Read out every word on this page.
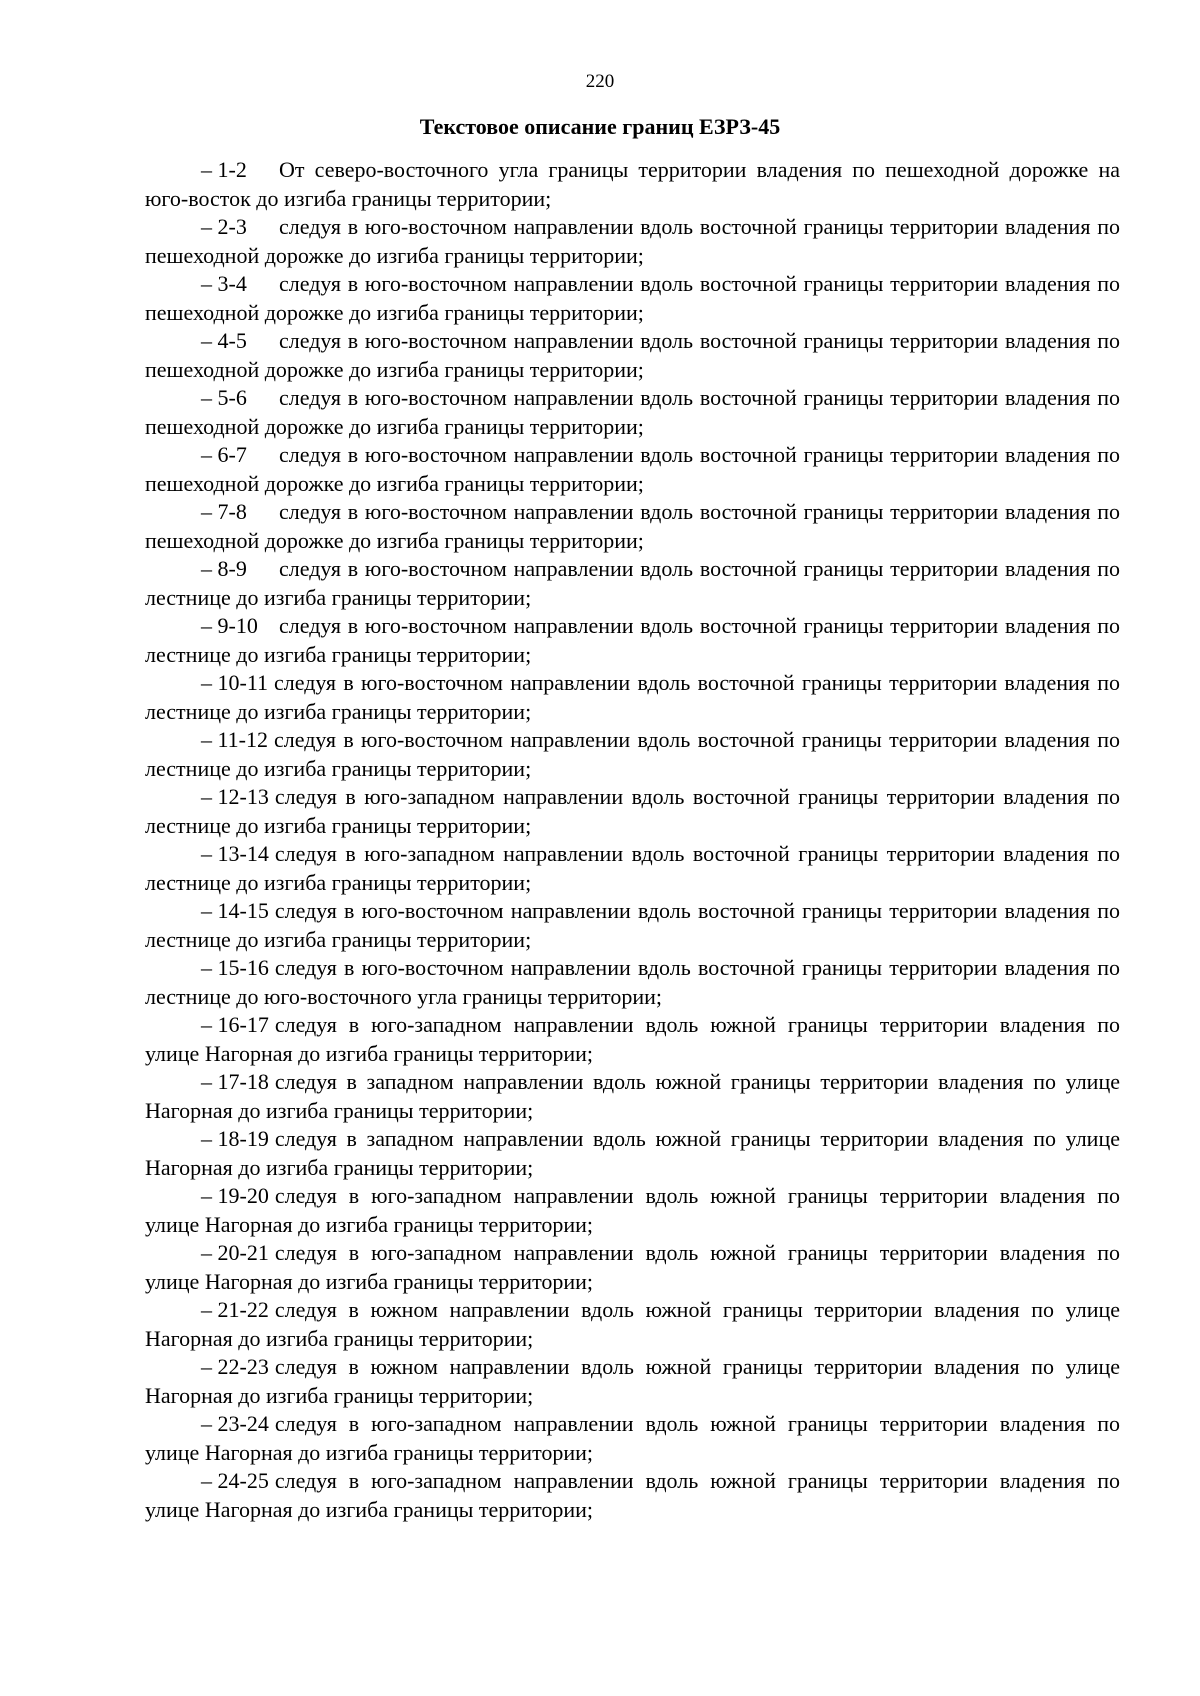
220
Текстовое описание границ ЕЗРЗ-45
– 1-2 От северо-восточного угла границы территории владения по пешеходной дорожке на юго-восток до изгиба границы территории;
– 2-3 следуя в юго-восточном направлении вдоль восточной границы территории владения по пешеходной дорожке до изгиба границы территории;
– 3-4 следуя в юго-восточном направлении вдоль восточной границы территории владения по пешеходной дорожке до изгиба границы территории;
– 4-5 следуя в юго-восточном направлении вдоль восточной границы территории владения по пешеходной дорожке до изгиба границы территории;
– 5-6 следуя в юго-восточном направлении вдоль восточной границы территории владения по пешеходной дорожке до изгиба границы территории;
– 6-7 следуя в юго-восточном направлении вдоль восточной границы территории владения по пешеходной дорожке до изгиба границы территории;
– 7-8 следуя в юго-восточном направлении вдоль восточной границы территории владения по пешеходной дорожке до изгиба границы территории;
– 8-9 следуя в юго-восточном направлении вдоль восточной границы территории владения по лестнице до изгиба границы территории;
– 9-10 следуя в юго-восточном направлении вдоль восточной границы территории владения по лестнице до изгиба границы территории;
– 10-11 следуя в юго-восточном направлении вдоль восточной границы территории владения по лестнице до изгиба границы территории;
– 11-12 следуя в юго-восточном направлении вдоль восточной границы территории владения по лестнице до изгиба границы территории;
– 12-13 следуя в юго-западном направлении вдоль восточной границы территории владения по лестнице до изгиба границы территории;
– 13-14 следуя в юго-западном направлении вдоль восточной границы территории владения по лестнице до изгиба границы территории;
– 14-15 следуя в юго-восточном направлении вдоль восточной границы территории владения по лестнице до изгиба границы территории;
– 15-16 следуя в юго-восточном направлении вдоль восточной границы территории владения по лестнице до юго-восточного угла границы территории;
– 16-17 следуя в юго-западном направлении вдоль южной границы территории владения по улице Нагорная до изгиба границы территории;
– 17-18 следуя в западном направлении вдоль южной границы территории владения по улице Нагорная до изгиба границы территории;
– 18-19 следуя в западном направлении вдоль южной границы территории владения по улице Нагорная до изгиба границы территории;
– 19-20 следуя в юго-западном направлении вдоль южной границы территории владения по улице Нагорная до изгиба границы территории;
– 20-21 следуя в юго-западном направлении вдоль южной границы территории владения по улице Нагорная до изгиба границы территории;
– 21-22 следуя в южном направлении вдоль южной границы территории владения по улице Нагорная до изгиба границы территории;
– 22-23 следуя в южном направлении вдоль южной границы территории владения по улице Нагорная до изгиба границы территории;
– 23-24 следуя в юго-западном направлении вдоль южной границы территории владения по улице Нагорная до изгиба границы территории;
– 24-25 следуя в юго-западном направлении вдоль южной границы территории владения по улице Нагорная до изгиба границы территории;
